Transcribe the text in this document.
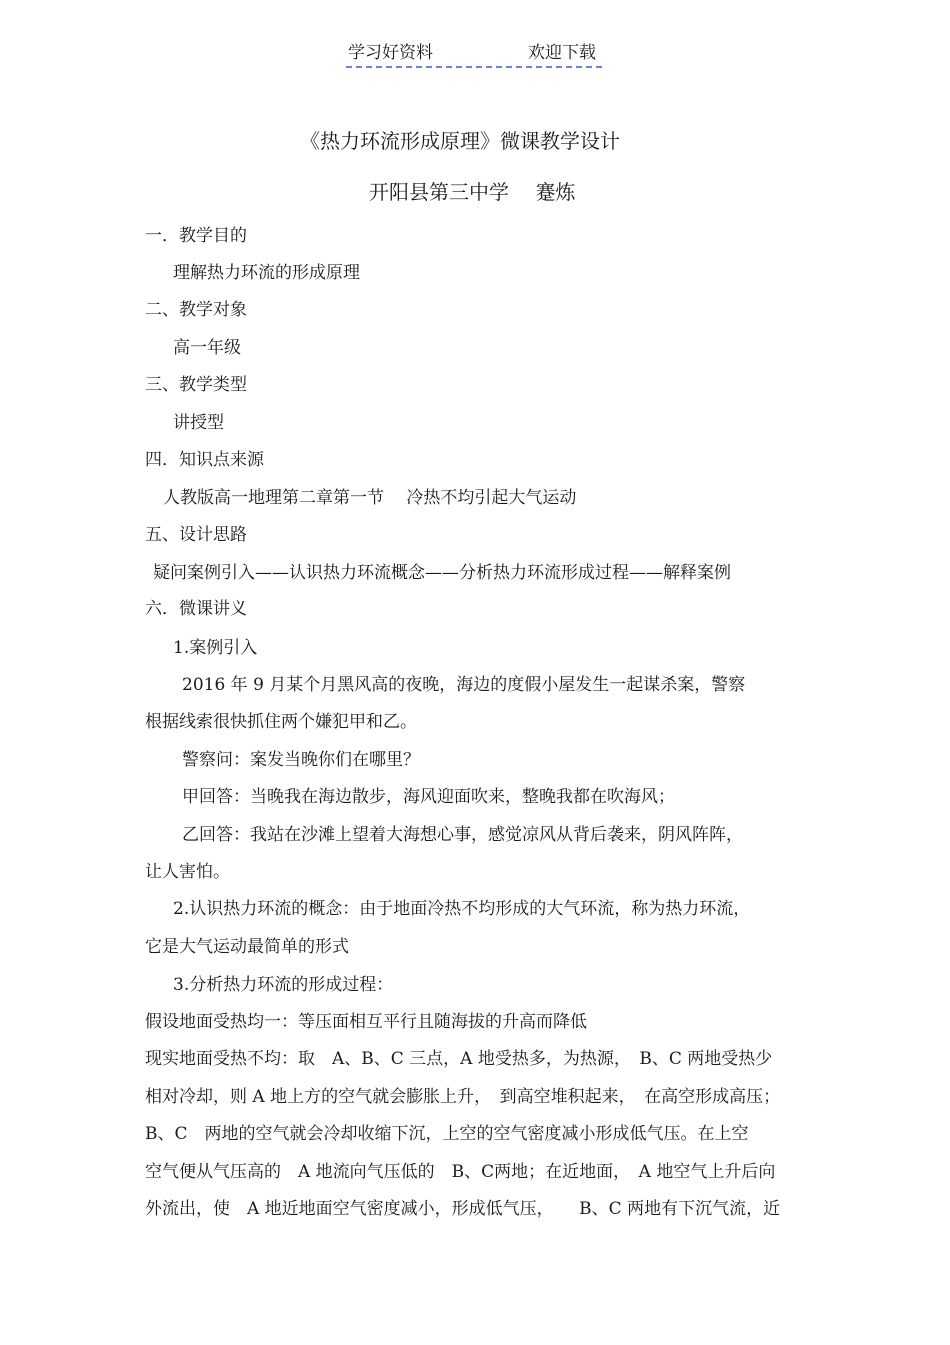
学习好资料	欢迎下载
《热力环流形成原理》微课教学设计
开阳县第三中学　 蹇炼
一．教学目的
理解热力环流的形成原理
二、教学对象
高一年级
三、教学类型
讲授型
四．知识点来源
人教版高一地理第二章第一节　 冷热不均引起大气运动
五、设计思路
疑问案例引入——认识热力环流概念——分析热力环流形成过程——解释案例
六．微课讲义
1.案例引入
2016 年 9 月某个月黑风高的夜晚，海边的度假小屋发生一起谋杀案，警察
根据线索很快抓住两个嫌犯甲和乙。
警察问：案发当晚你们在哪里？
甲回答：当晚我在海边散步，海风迎面吹来，整晚我都在吹海风；
乙回答：我站在沙滩上望着大海想心事，感觉凉风从背后袭来，阴风阵阵，
让人害怕。
2.认识热力环流的概念：由于地面冷热不均形成的大气环流，称为热力环流，
它是大气运动最简单的形式
3.分析热力环流的形成过程：
假设地面受热均一：等压面相互平行且随海拔的升高而降低
现实地面受热不均：取　A、B、C 三点，A 地受热多，为热源，　B、C 两地受热少
相对冷却，则 A 地上方的空气就会膨胀上升，　到高空堆积起来，　在高空形成高压；
B、C　两地的空气就会冷却收缩下沉，上空的空气密度减小形成低气压。在上空
空气便从气压高的　A 地流向气压低的　B、C两地；在近地面，　A 地空气上升后向
外流出，使　A 地近地面空气密度减小，形成低气压，　　B、C 两地有下沉气流，近
